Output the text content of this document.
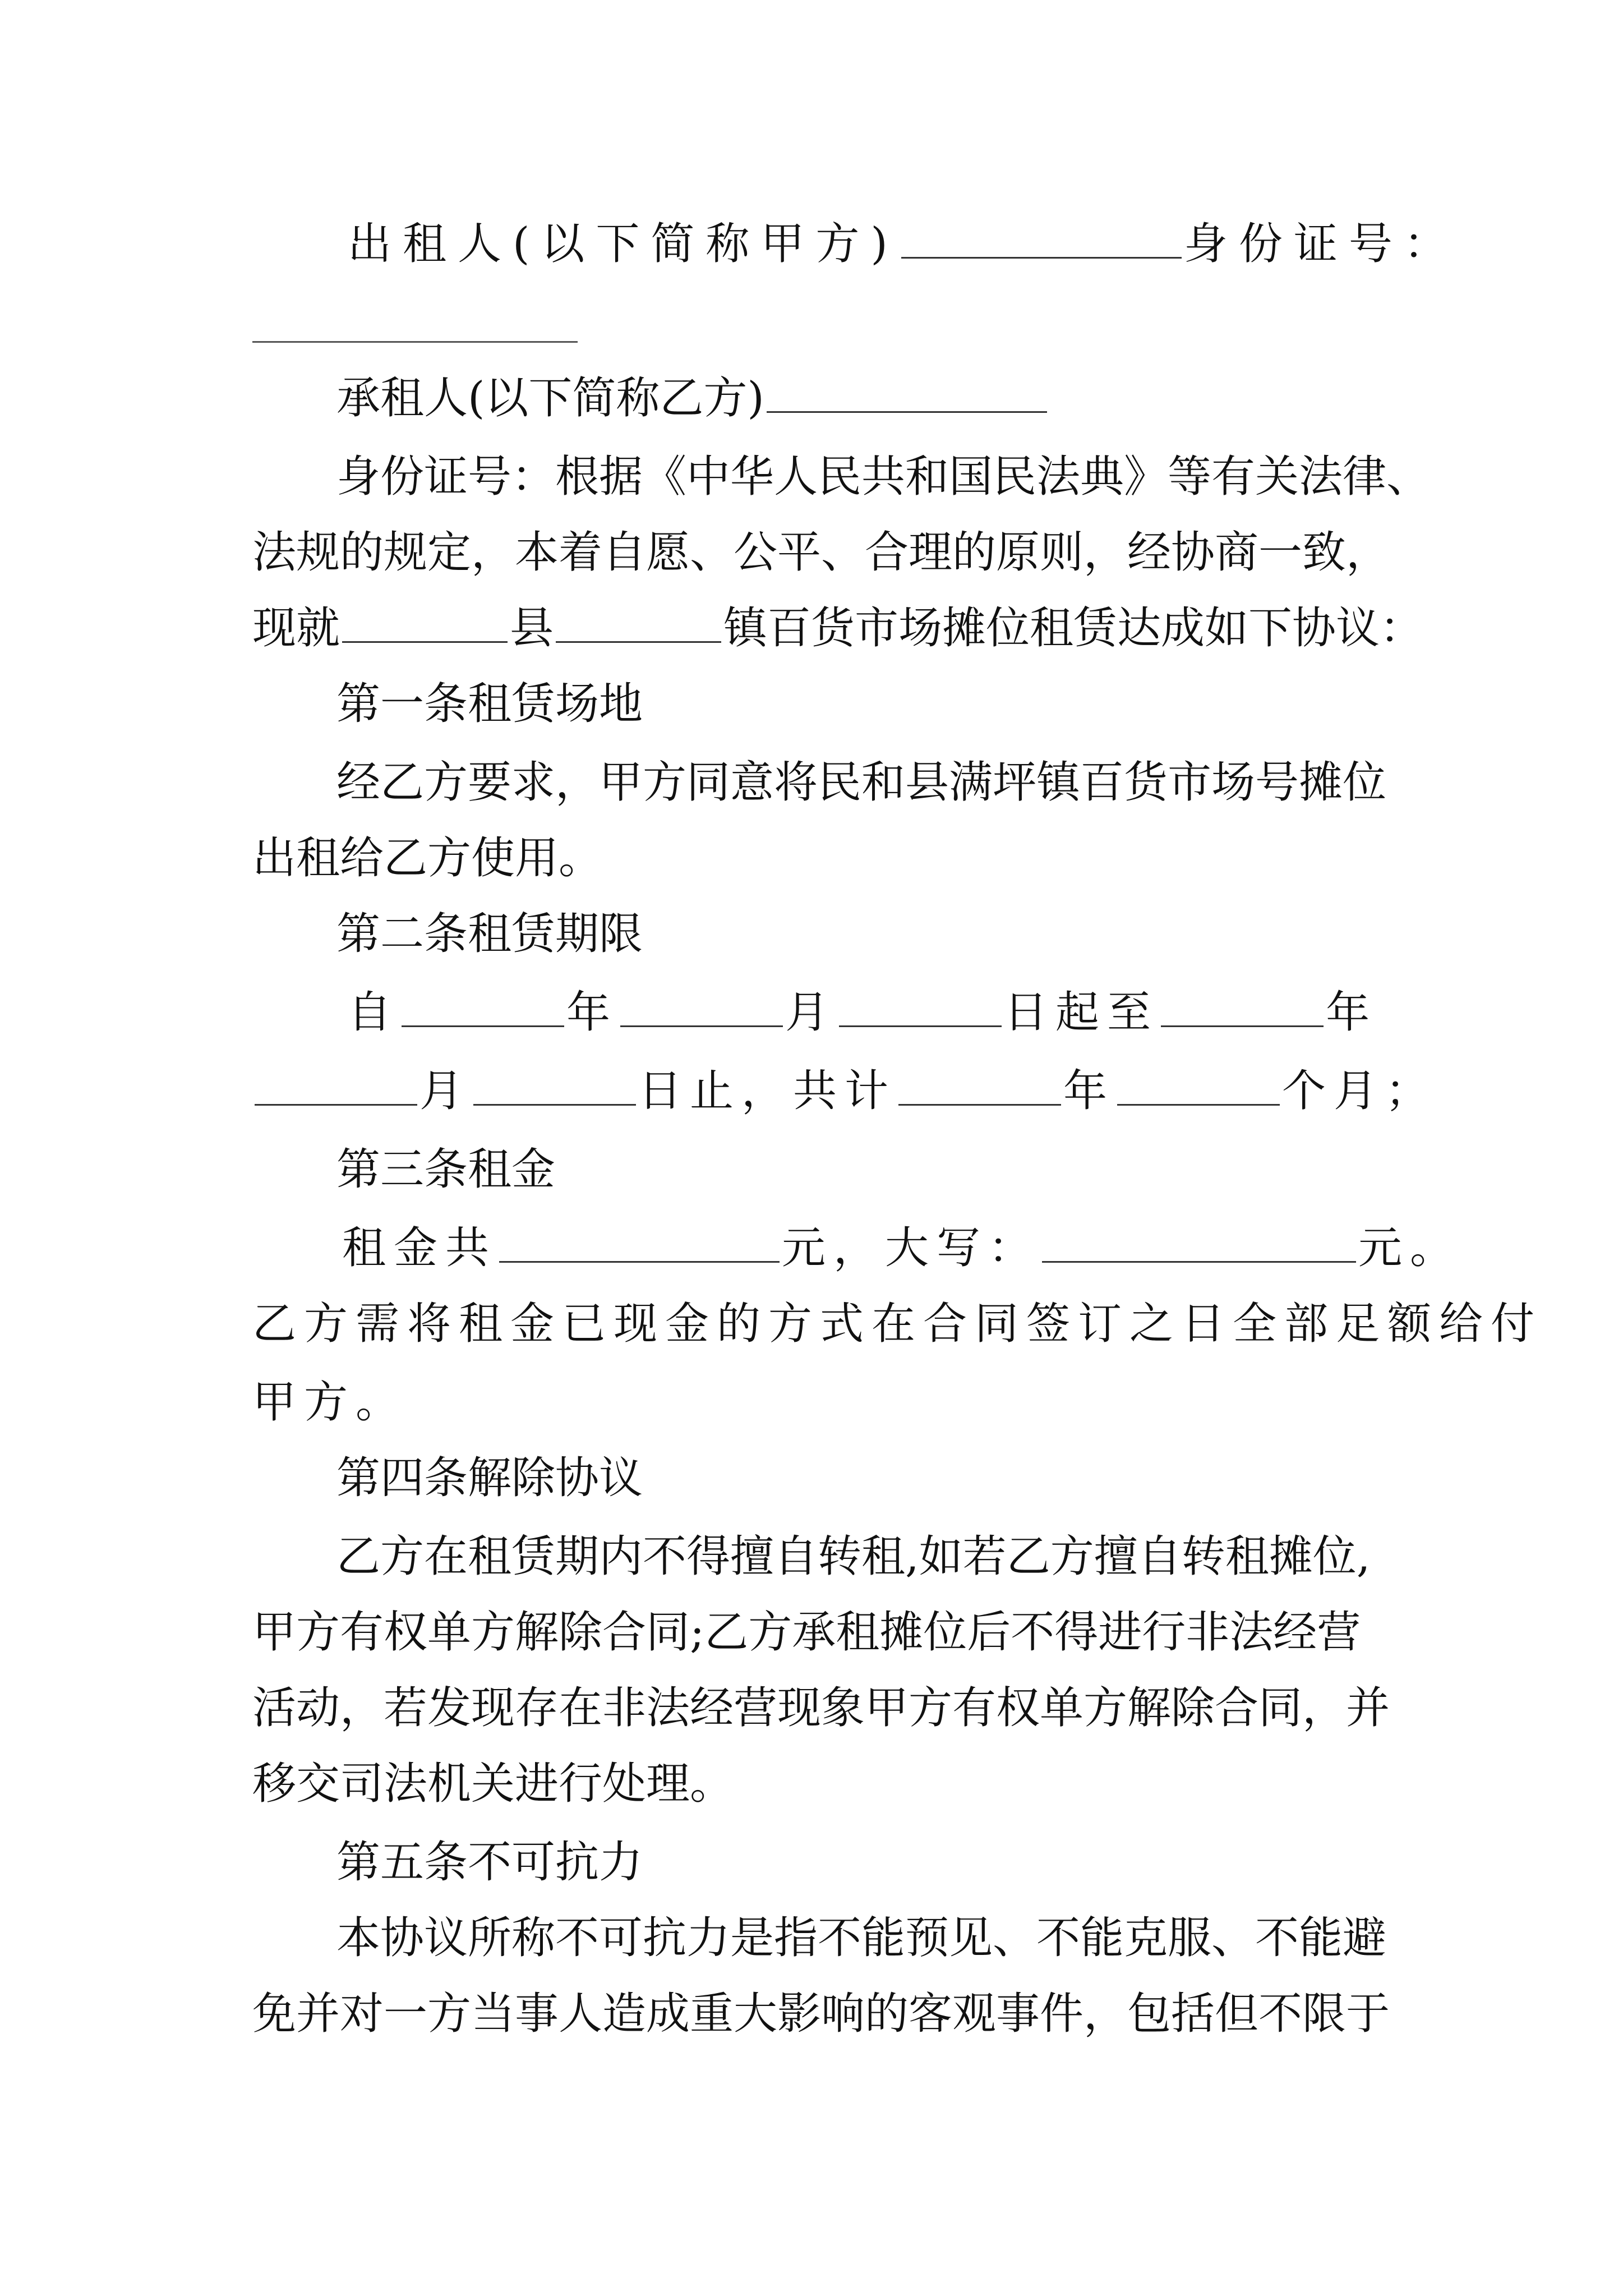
出租人(以下简称甲方)	身份证号：
承租人(以下简称乙方)
身份证号：根据《中华人民共和国民法典》等有关法律、
法规的规定，本着自愿、公平、合理的原则，经协商一致，
现就	县	镇百货市场摊位租赁达成如下协议：
第一条租赁场地
经乙方要求，甲方同意将民和县满坪镇百货市场号摊位
出租给乙方使用。
第二条租赁期限
自	年	月	日起至	年
月	日止，共计	年	个月；
第三条租金
租金共	元，大写：	元。
乙方需将租金已现金的方式在合同签订之日全部足额给付
甲方。
第四条解除协议
乙方在租赁期内不得擅自转租,如若乙方擅自转租摊位,
甲方有权单方解除合同;乙方承租摊位后不得进行非法经营
活动，若发现存在非法经营现象甲方有权单方解除合同，并
移交司法机关进行处理。
第五条不可抗力
本协议所称不可抗力是指不能预见、不能克服、不能避
免并对一方当事人造成重大影响的客观事件，包括但不限于
